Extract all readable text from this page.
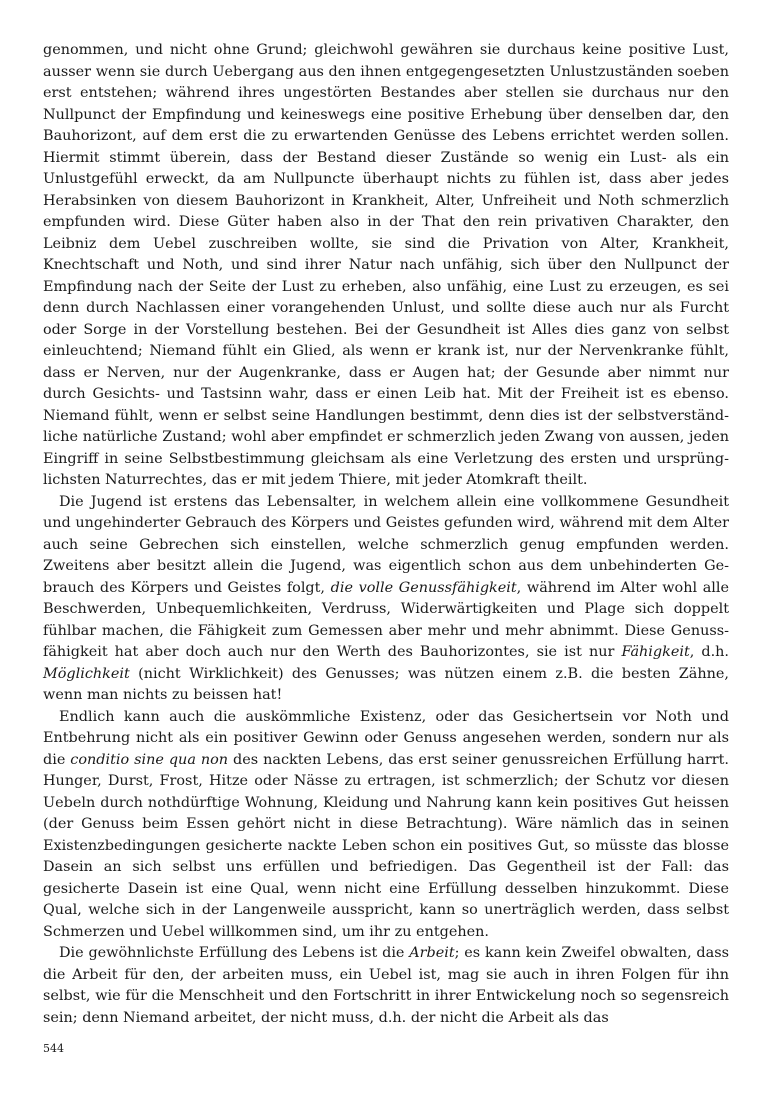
genommen, und nicht ohne Grund; gleichwohl gewähren sie durchaus keine positive Lust, ausser wenn sie durch Uebergang aus den ihnen entgegengesetzten Unlustzuständen soeben erst entstehen; während ihres ungestörten Bestandes aber stellen sie durchaus nur den Nullpunct der Empfindung und keineswegs eine positive Erhebung über denselben dar, den Bauhorizont, auf dem erst die zu erwartenden Genüsse des Lebens errichtet werden sollen. Hiermit stimmt überein, dass der Bestand dieser Zustände so wenig ein Lust- als ein Unlustgefühl erweckt, da am Nullpuncte überhaupt nichts zu fühlen ist, dass aber jedes Herabsinken von diesem Bauhorizont in Krankheit, Alter, Unfreiheit und Noth schmerzlich empfunden wird. Diese Güter haben also in der That den rein privativen Charakter, den Leibniz dem Uebel zuschreiben wollte, sie sind die Privation von Alter, Krankheit, Knechtschaft und Noth, und sind ihrer Natur nach unfähig, sich über den Nullpunct der Empfindung nach der Seite der Lust zu erheben, also unfähig, eine Lust zu erzeugen, es sei denn durch Nachlassen einer vorangehenden Unlust, und sollte diese auch nur als Furcht oder Sorge in der Vorstellung bestehen. Bei der Gesundheit ist Alles dies ganz von selbst einleuchtend; Niemand fühlt ein Glied, als wenn er krank ist, nur der Nervenkranke fühlt, dass er Nerven, nur der Augenkranke, dass er Augen hat; der Gesunde aber nimmt nur durch Gesichts- und Tastsinn wahr, dass er einen Leib hat. Mit der Freiheit ist es ebenso. Niemand fühlt, wenn er selbst seine Handlungen bestimmt, denn dies ist der selbstverständliche natürliche Zustand; wohl aber empfindet er schmerzlich jeden Zwang von aussen, jeden Eingriff in seine Selbstbestimmung gleichsam als eine Verletzung des ersten und ursprünglichsten Naturrechtes, das er mit jedem Thiere, mit jeder Atomkraft theilt.

Die Jugend ist erstens das Lebensalter, in welchem allein eine vollkommene Gesundheit und ungehinderter Gebrauch des Körpers und Geistes gefunden wird, während mit dem Alter auch seine Gebrechen sich einstellen, welche schmerzlich genug empfunden werden. Zweitens aber besitzt allein die Jugend, was eigentlich schon aus dem unbehinderten Gebrauch des Körpers und Geistes folgt, die volle Genussfähigkeit, während im Alter wohl alle Beschwerden, Unbequemlichkeiten, Verdruss, Widerwärtigkeiten und Plage sich doppelt fühlbar machen, die Fähigkeit zum Gemessen aber mehr und mehr abnimmt. Diese Genussfähigkeit hat aber doch auch nur den Werth des Bauhorizontes, sie ist nur Fähigkeit, d.h. Möglichkeit (nicht Wirklichkeit) des Genusses; was nützen einem z.B. die besten Zähne, wenn man nichts zu beissen hat!

Endlich kann auch die auskömmliche Existenz, oder das Gesichertsein vor Noth und Entbehrung nicht als ein positiver Gewinn oder Genuss angesehen werden, sondern nur als die conditio sine qua non des nackten Lebens, das erst seiner genussreichen Erfüllung harrt. Hunger, Durst, Frost, Hitze oder Nässe zu ertragen, ist schmerzlich; der Schutz vor diesen Uebeln durch nothdürftige Wohnung, Kleidung und Nahrung kann kein positives Gut heissen (der Genuss beim Essen gehört nicht in diese Betrachtung). Wäre nämlich das in seinen Existenzbedingungen gesicherte nackte Leben schon ein positives Gut, so müsste das blosse Dasein an sich selbst uns erfüllen und befriedigen. Das Gegentheil ist der Fall: das gesicherte Dasein ist eine Qual, wenn nicht eine Erfüllung desselben hinzukommt. Diese Qual, welche sich in der Langenweile ausspricht, kann so unerträglich werden, dass selbst Schmerzen und Uebel willkommen sind, um ihr zu entgehen.

Die gewöhnlichste Erfüllung des Lebens ist die Arbeit; es kann kein Zweifel obwalten, dass die Arbeit für den, der arbeiten muss, ein Uebel ist, mag sie auch in ihren Folgen für ihn selbst, wie für die Menschheit und den Fortschritt in ihrer Entwickelung noch so segensreich sein; denn Niemand arbeitet, der nicht muss, d.h. der nicht die Arbeit als das

544
